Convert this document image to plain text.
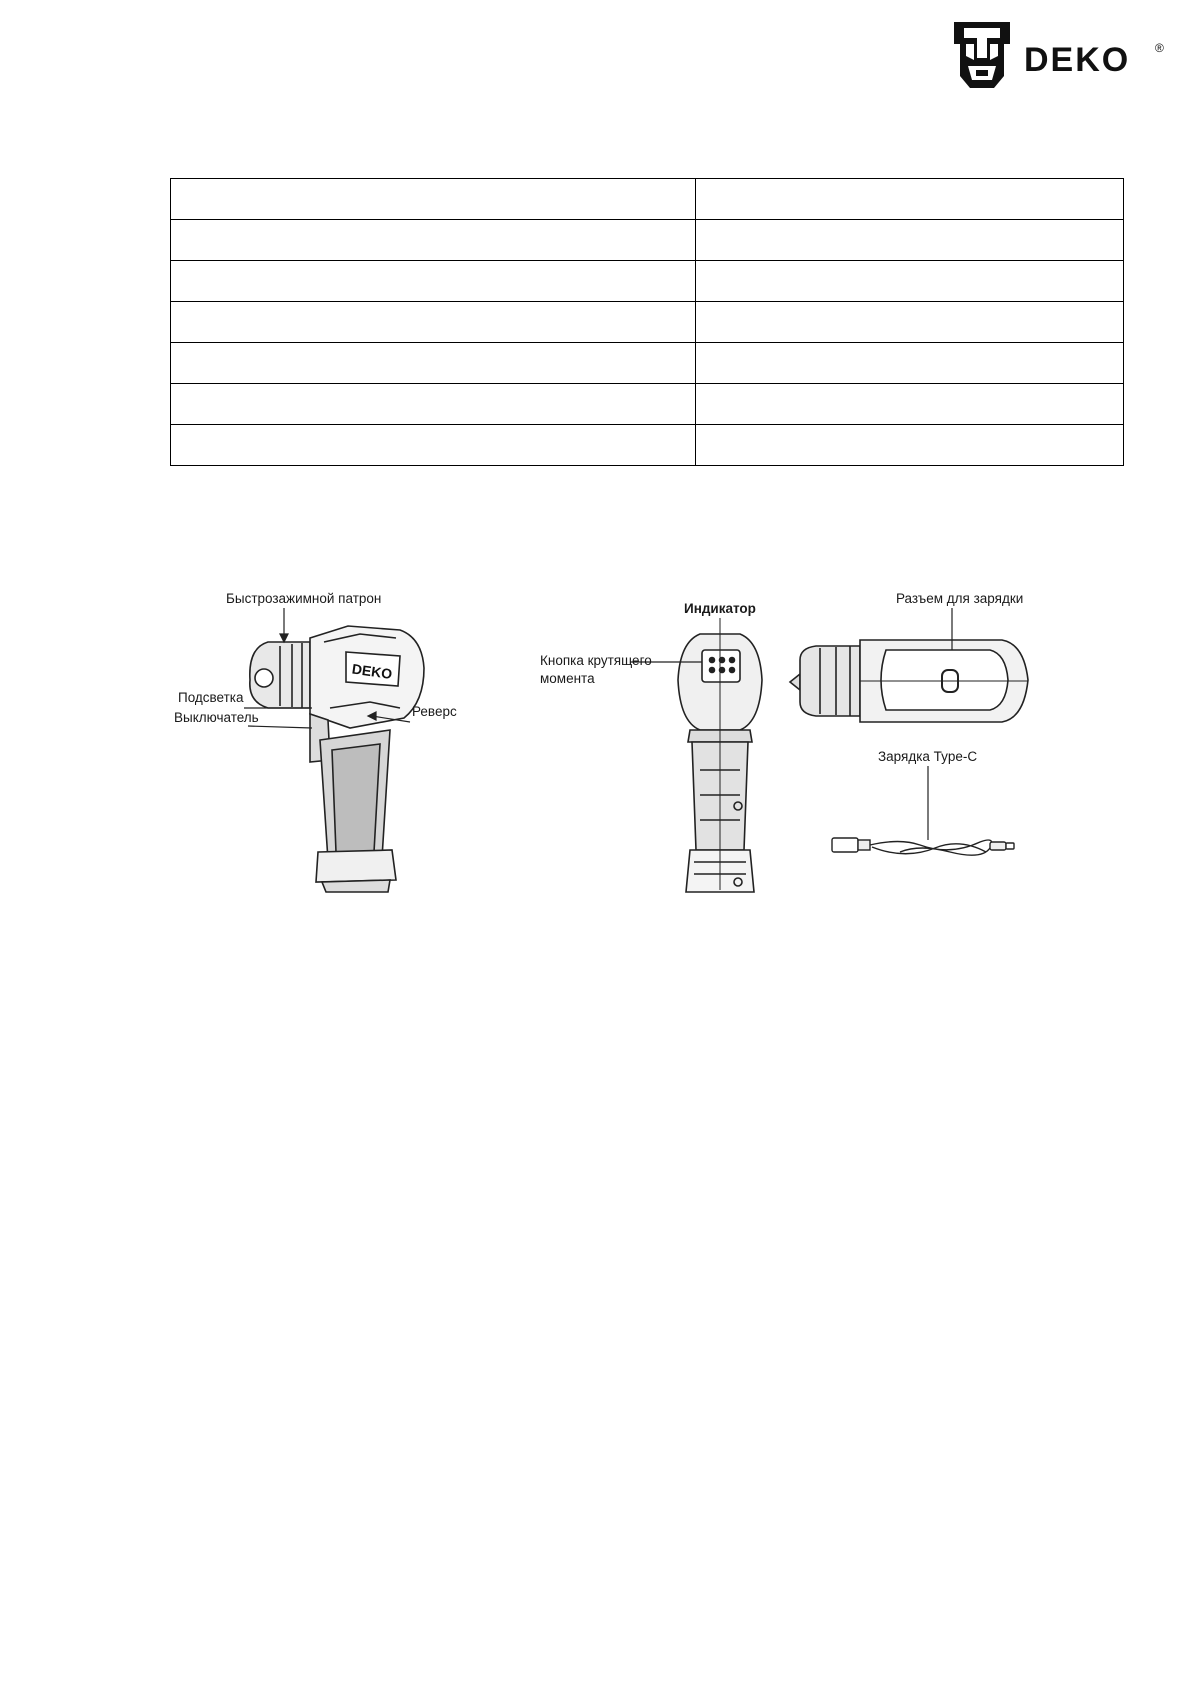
DEKO ®

DEKO
Быстрозажимной патрон
Подсветка
Выключатель	Реверс
Индикатор
Кнопка крутящего
момента
Разъем для зарядки
Зарядка Type-C
